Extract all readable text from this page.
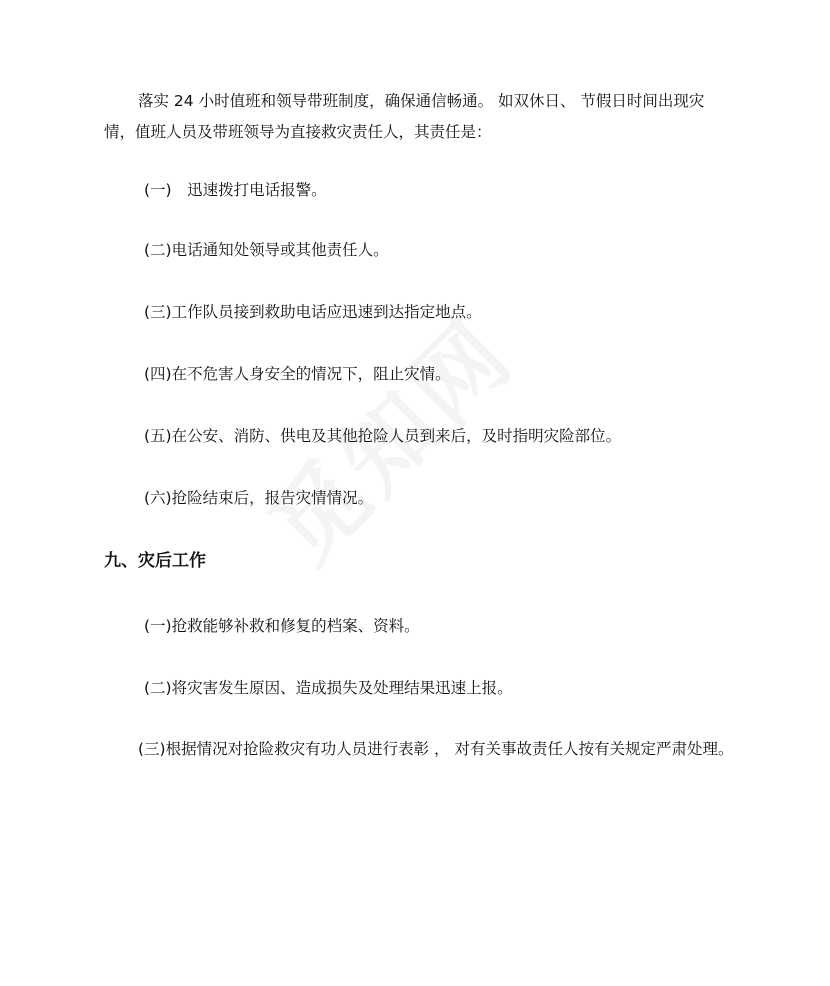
落实 24 小时值班和领导带班制度，确保通信畅通。 如双休日、 节假日时间出现灾情，值班人员及带班领导为直接救灾责任人，其责任是：

(一)　迅速拨打电话报警。

(二)电话通知处领导或其他责任人。

(三)工作队员接到救助电话应迅速到达指定地点。

(四)在不危害人身安全的情况下，阻止灾情。

(五)在公安、消防、供电及其他抢险人员到来后，及时指明灾险部位。

(六)抢险结束后，报告灾情情况。

九、灾后工作

(一)抢救能够补救和修复的档案、资料。

(二)将灾害发生原因、造成损失及处理结果迅速上报。

(三)根据情况对抢险救灾有功人员进行表彰 ， 对有关事故责任人按有关规定严肃处理。
